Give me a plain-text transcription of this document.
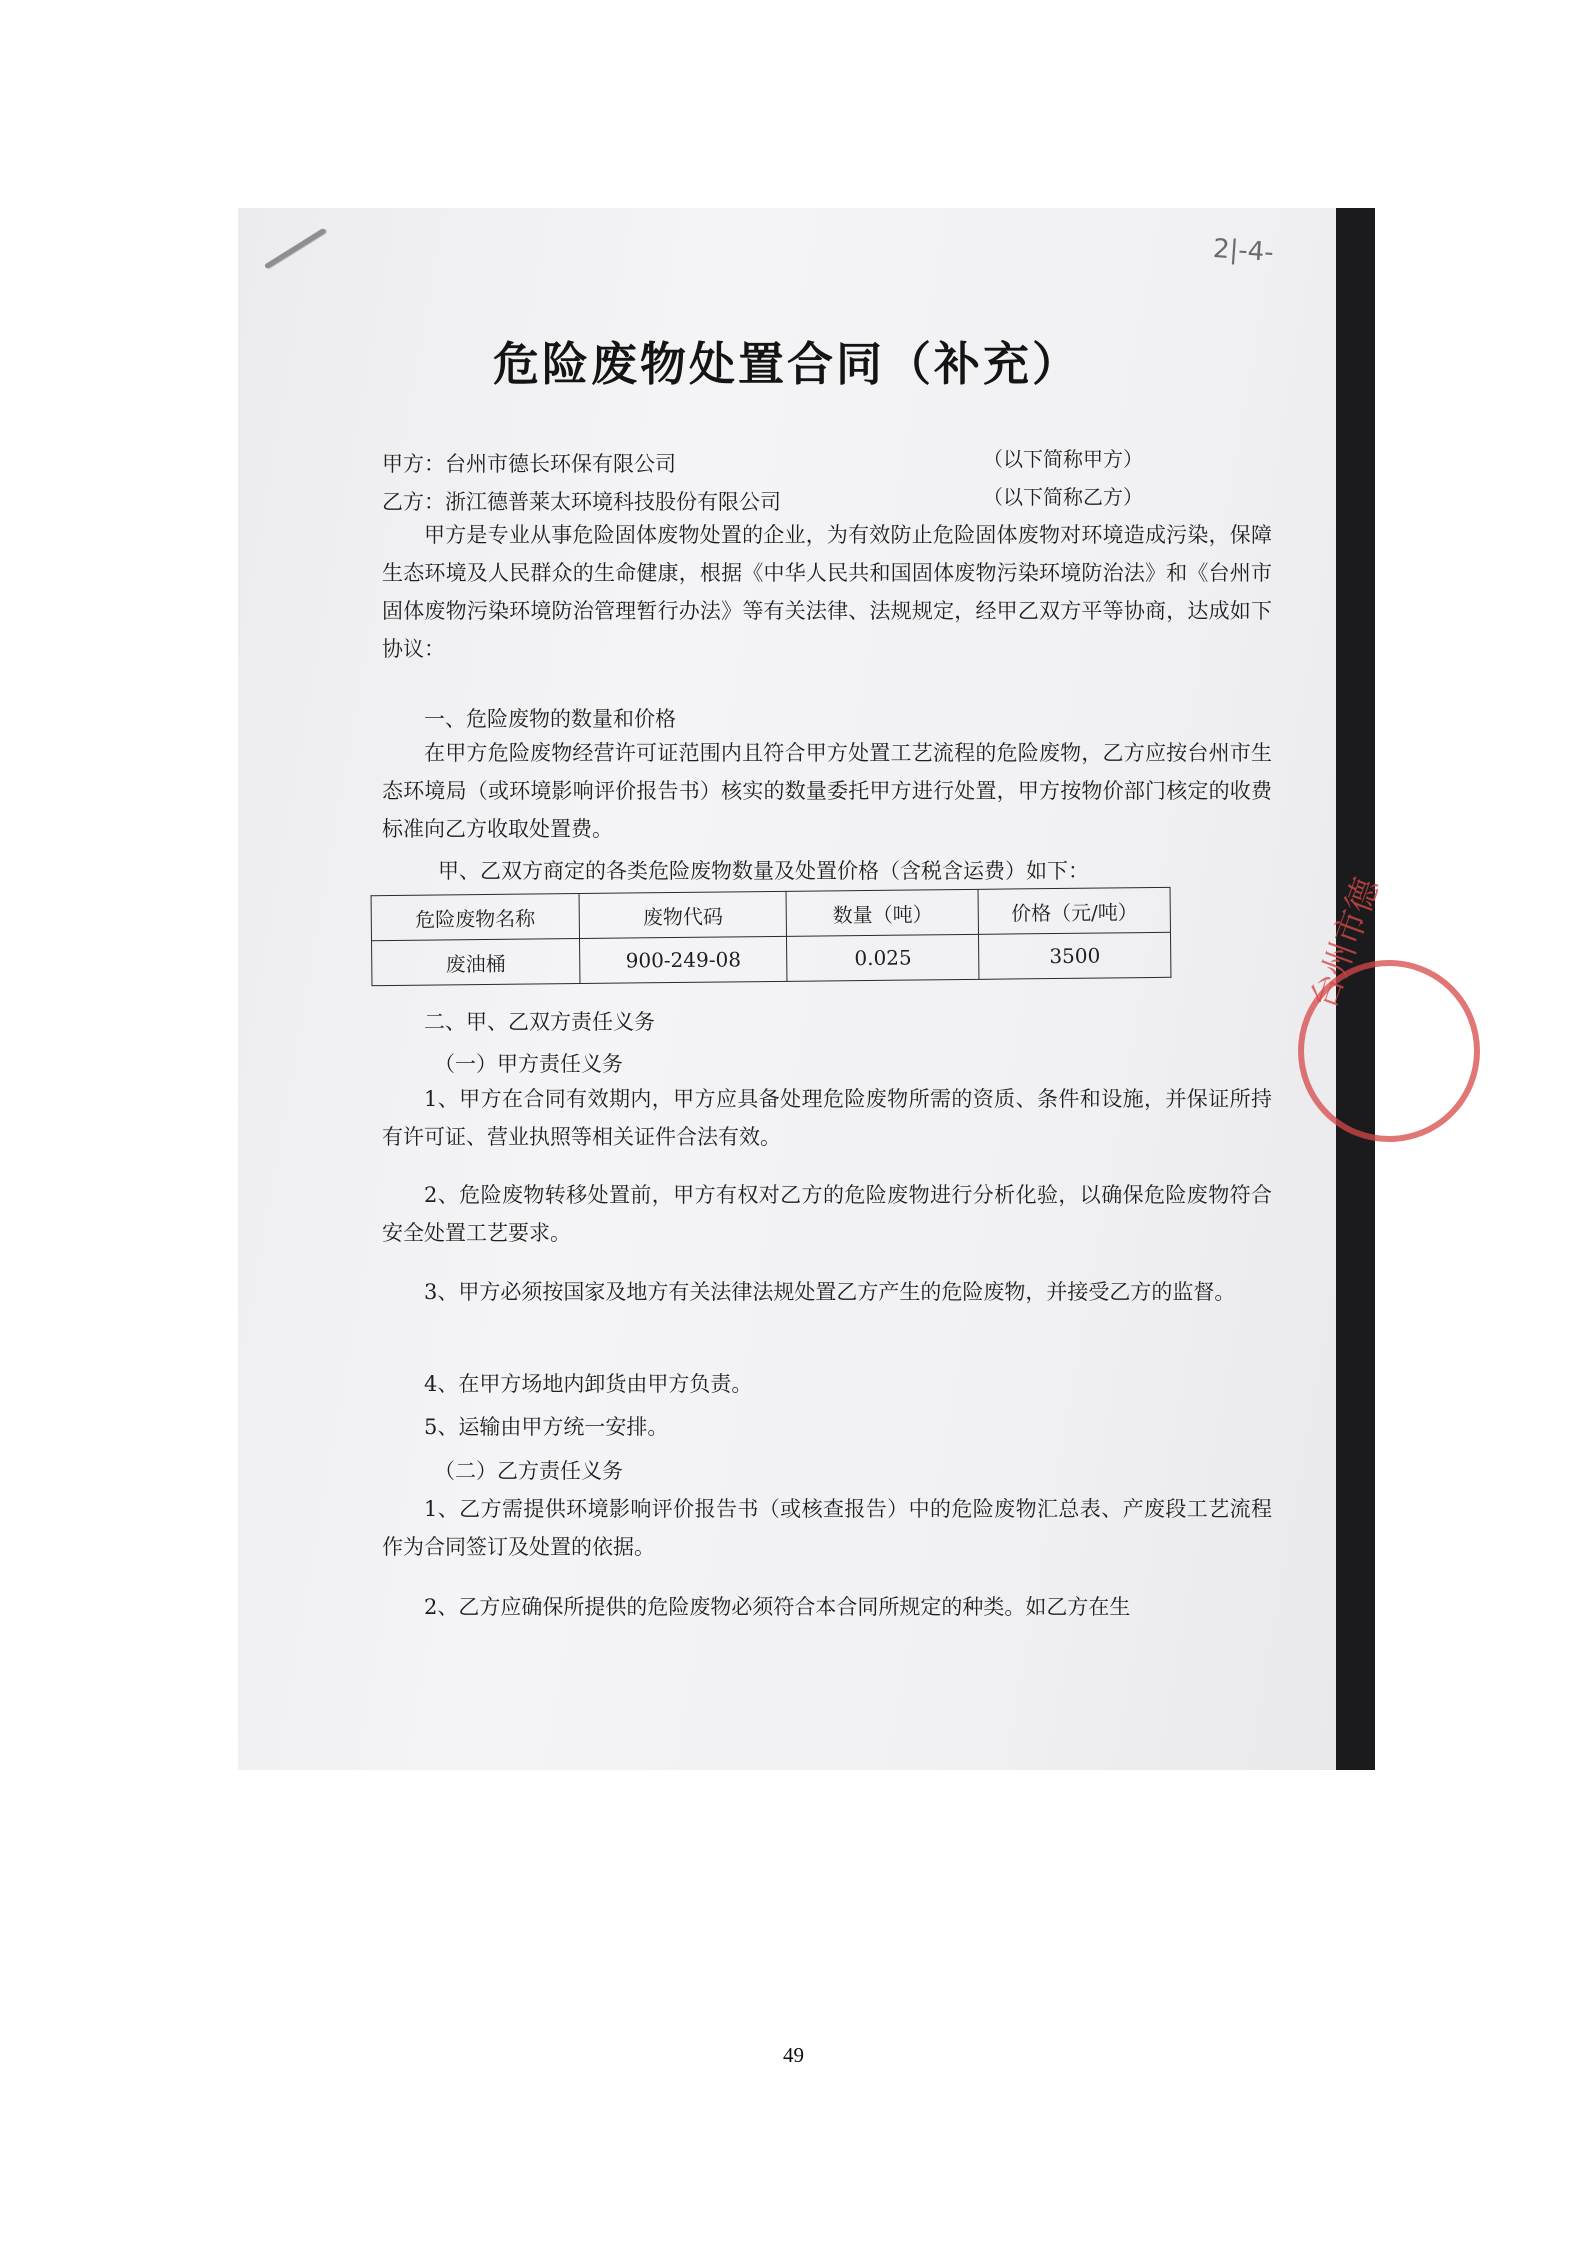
2|-4-
危险废物处置合同（补充）
甲方：台州市德长环保有限公司	（以下简称甲方）
乙方：浙江德普莱太环境科技股份有限公司	（以下简称乙方）
甲方是专业从事危险固体废物处置的企业，为有效防止危险固体废物对环境造成污染，保障生态环境及人民群众的生命健康，根据《中华人民共和国固体废物污染环境防治法》和《台州市固体废物污染环境防治管理暂行办法》等有关法律、法规规定，经甲乙双方平等协商，达成如下协议：
一、危险废物的数量和价格
在甲方危险废物经营许可证范围内且符合甲方处置工艺流程的危险废物，乙方应按台州市生态环境局（或环境影响评价报告书）核实的数量委托甲方进行处置，甲方按物价部门核定的收费标准向乙方收取处置费。
甲、乙双方商定的各类危险废物数量及处置价格（含税含运费）如下：
危险废物名称	废物代码	数量（吨）	价格（元/吨）
废油桶	900-249-08	0.025	3500
二、甲、乙双方责任义务
（一）甲方责任义务
1、甲方在合同有效期内，甲方应具备处理危险废物所需的资质、条件和设施，并保证所持有许可证、营业执照等相关证件合法有效。
2、危险废物转移处置前，甲方有权对乙方的危险废物进行分析化验，以确保危险废物符合安全处置工艺要求。
3、甲方必须按国家及地方有关法律法规处置乙方产生的危险废物，并接受乙方的监督。
4、在甲方场地内卸货由甲方负责。
5、运输由甲方统一安排。
（二）乙方责任义务
1、乙方需提供环境影响评价报告书（或核查报告）中的危险废物汇总表、产废段工艺流程作为合同签订及处置的依据。
2、乙方应确保所提供的危险废物必须符合本合同所规定的种类。如乙方在生
台州市德
49
